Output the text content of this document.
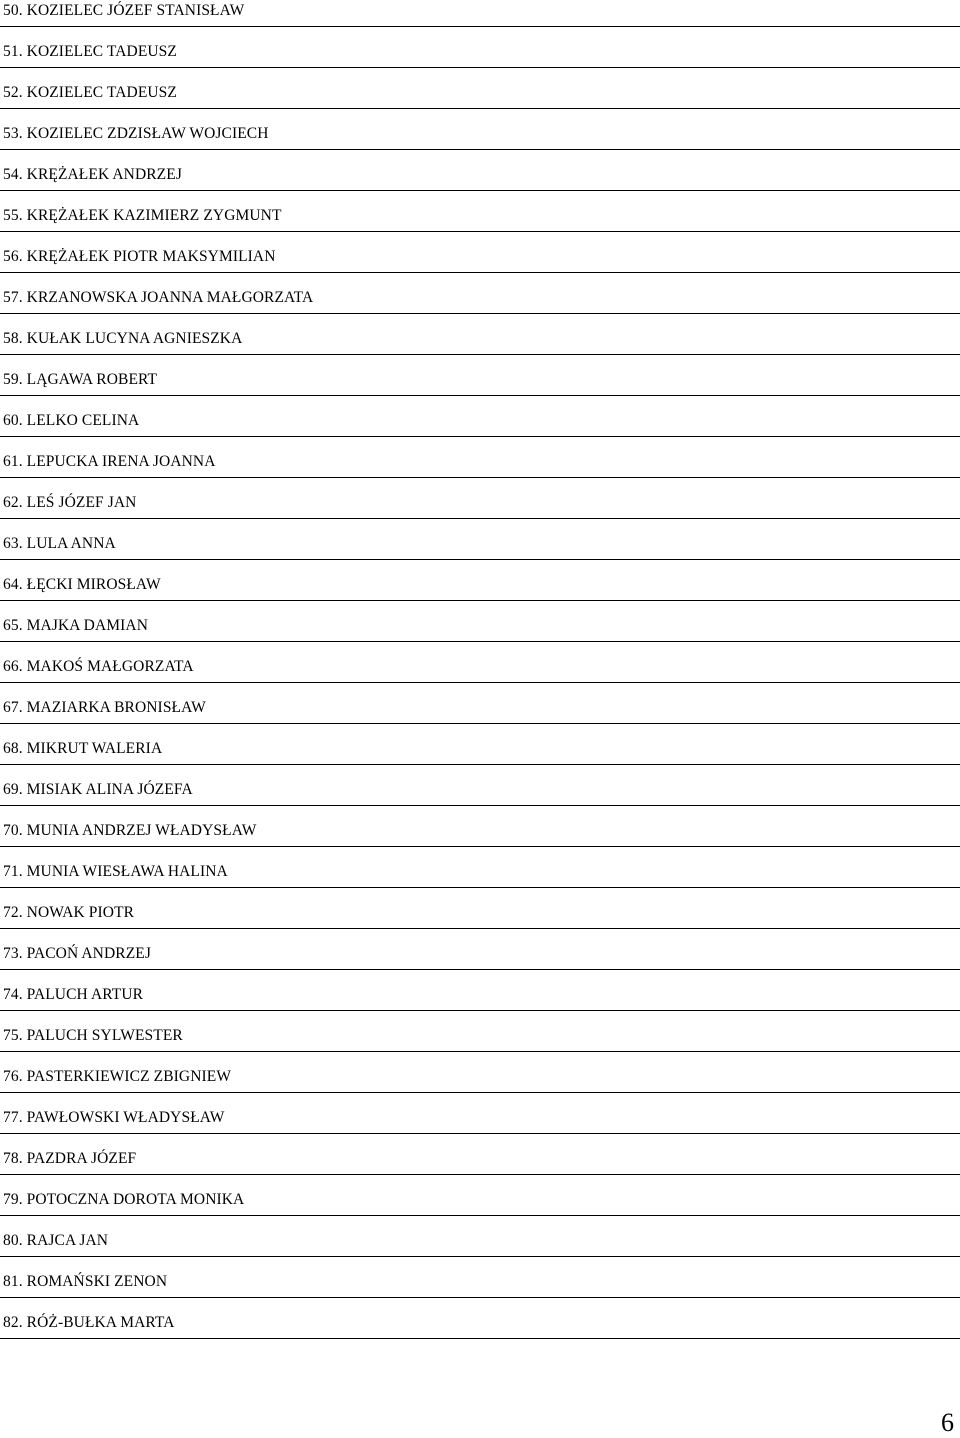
50. KOZIELEC JÓZEF STANISŁAW
51. KOZIELEC TADEUSZ
52. KOZIELEC TADEUSZ
53. KOZIELEC ZDZISŁAW WOJCIECH
54. KRĘŻAŁEK ANDRZEJ
55. KRĘŻAŁEK KAZIMIERZ ZYGMUNT
56. KRĘŻAŁEK PIOTR MAKSYMILIAN
57. KRZANOWSKA JOANNA MAŁGORZATA
58. KUŁAK LUCYNA AGNIESZKA
59. LĄGAWA ROBERT
60. LELKO CELINA
61. LEPUCKA IRENA JOANNA
62. LEŚ JÓZEF JAN
63. LULA ANNA
64. ŁĘCKI MIROSŁAW
65. MAJKA DAMIAN
66. MAKOŚ MAŁGORZATA
67. MAZIARKA BRONISŁAW
68. MIKRUT WALERIA
69. MISIAK ALINA JÓZEFA
70. MUNIA ANDRZEJ WŁADYSŁAW
71. MUNIA WIESŁAWA HALINA
72. NOWAK PIOTR
73. PACOŃ ANDRZEJ
74. PALUCH ARTUR
75. PALUCH SYLWESTER
76. PASTERKIEWICZ ZBIGNIEW
77. PAWŁOWSKI WŁADYSŁAW
78. PAZDRA JÓZEF
79. POTOCZNA DOROTA MONIKA
80. RAJCA JAN
81. ROMAŃSKI ZENON
82. RÓŻ-BUŁKA MARTA
6
